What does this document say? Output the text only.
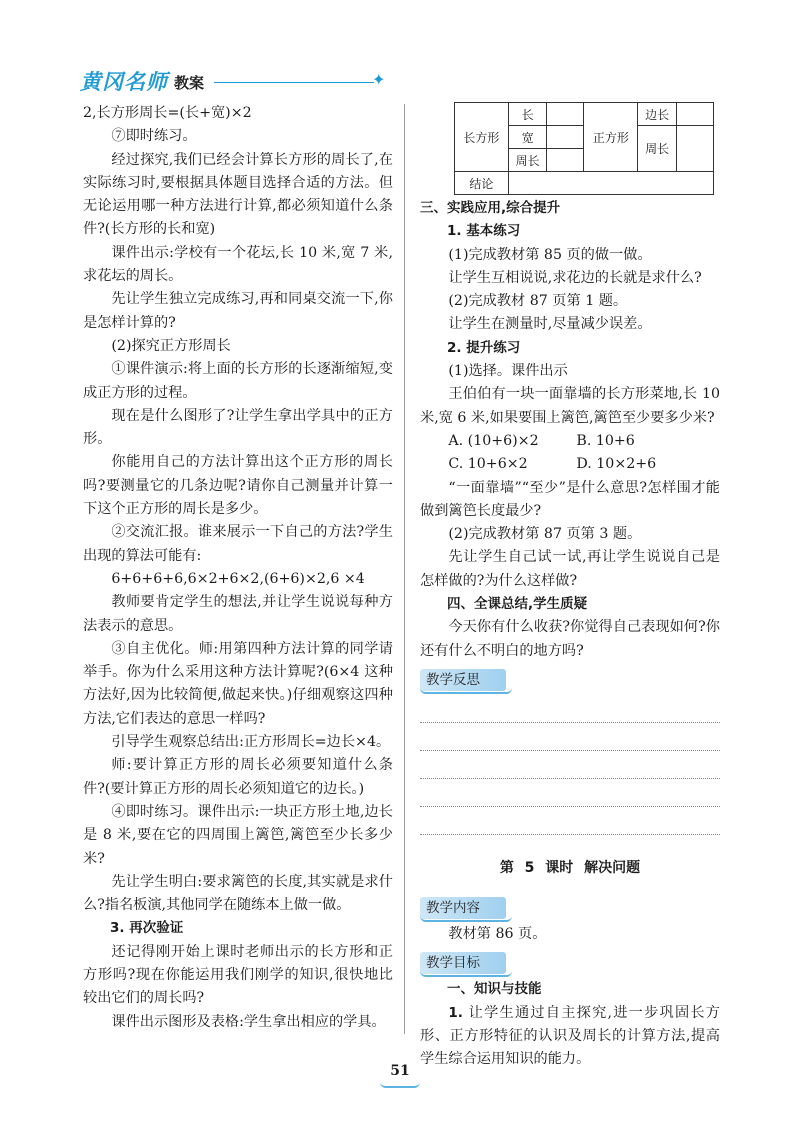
黄冈名师 教案	✦

2,长方形周长=(长+宽)×2

⑦即时练习。

经过探究,我们已经会计算长方形的周长了,在实际练习时,要根据具体题目选择合适的方法。但无论运用哪一种方法进行计算,都必须知道什么条件?(长方形的长和宽)

课件出示:学校有一个花坛,长 10 米,宽 7 米,求花坛的周长。

先让学生独立完成练习,再和同桌交流一下,你是怎样计算的?

(2)探究正方形周长

①课件演示:将上面的长方形的长逐渐缩短,变成正方形的过程。

现在是什么图形了?让学生拿出学具中的正方形。

你能用自己的方法计算出这个正方形的周长吗?要测量它的几条边呢?请你自己测量并计算一下这个正方形的周长是多少。

②交流汇报。谁来展示一下自己的方法?学生出现的算法可能有:

6+6+6+6,6×2+6×2,(6+6)×2,6 ×4

教师要肯定学生的想法,并让学生说说每种方法表示的意思。

③自主优化。师:用第四种方法计算的同学请举手。你为什么采用这种方法计算呢?(6×4 这种方法好,因为比较简便,做起来快。)仔细观察这四种方法,它们表达的意思一样吗?

引导学生观察总结出:正方形周长=边长×4。

师:要计算正方形的周长必须要知道什么条件?(要计算正方形的周长必须知道它的边长。)

④即时练习。课件出示:一块正方形土地,边长是 8 米,要在它的四周围上篱笆,篱笆至少长多少米?

先让学生明白:要求篱笆的长度,其实就是求什么?指名板演,其他同学在随练本上做一做。

3. 再次验证

还记得刚开始上课时老师出示的长方形和正方形吗?现在你能运用我们刚学的知识,很快地比较出它们的周长吗?

课件出示图形及表格:学生拿出相应的学具。

长方形	长		正方形	边长	
	宽			周长	
	周长				
结论					

三、实践应用,综合提升

1. 基本练习

(1)完成教材第 85 页的做一做。

让学生互相说说,求花边的长就是求什么?

(2)完成教材 87 页第 1 题。

让学生在测量时,尽量减少误差。

2. 提升练习

(1)选择。课件出示

王伯伯有一块一面靠墙的长方形菜地,长 10 米,宽 6 米,如果要围上篱笆,篱笆至少要多少米?

A. (10+6)×2	B. 10+6

C. 10+6×2	D. 10×2+6

“一面靠墙”“至少”是什么意思?怎样围才能做到篱笆长度最少?

(2)完成教材第 87 页第 3 题。

先让学生自己试一试,再让学生说说自己是怎样做的?为什么这样做?

四、全课总结,学生质疑

今天你有什么收获?你觉得自己表现如何?你还有什么不明白的地方吗?

教学反思
第 5 课时 解决问题
教学内容

教材第 86 页。

教学目标

一、知识与技能

1. 让学生通过自主探究,进一步巩固长方形、正方形特征的认识及周长的计算方法,提高学生综合运用知识的能力。

51
